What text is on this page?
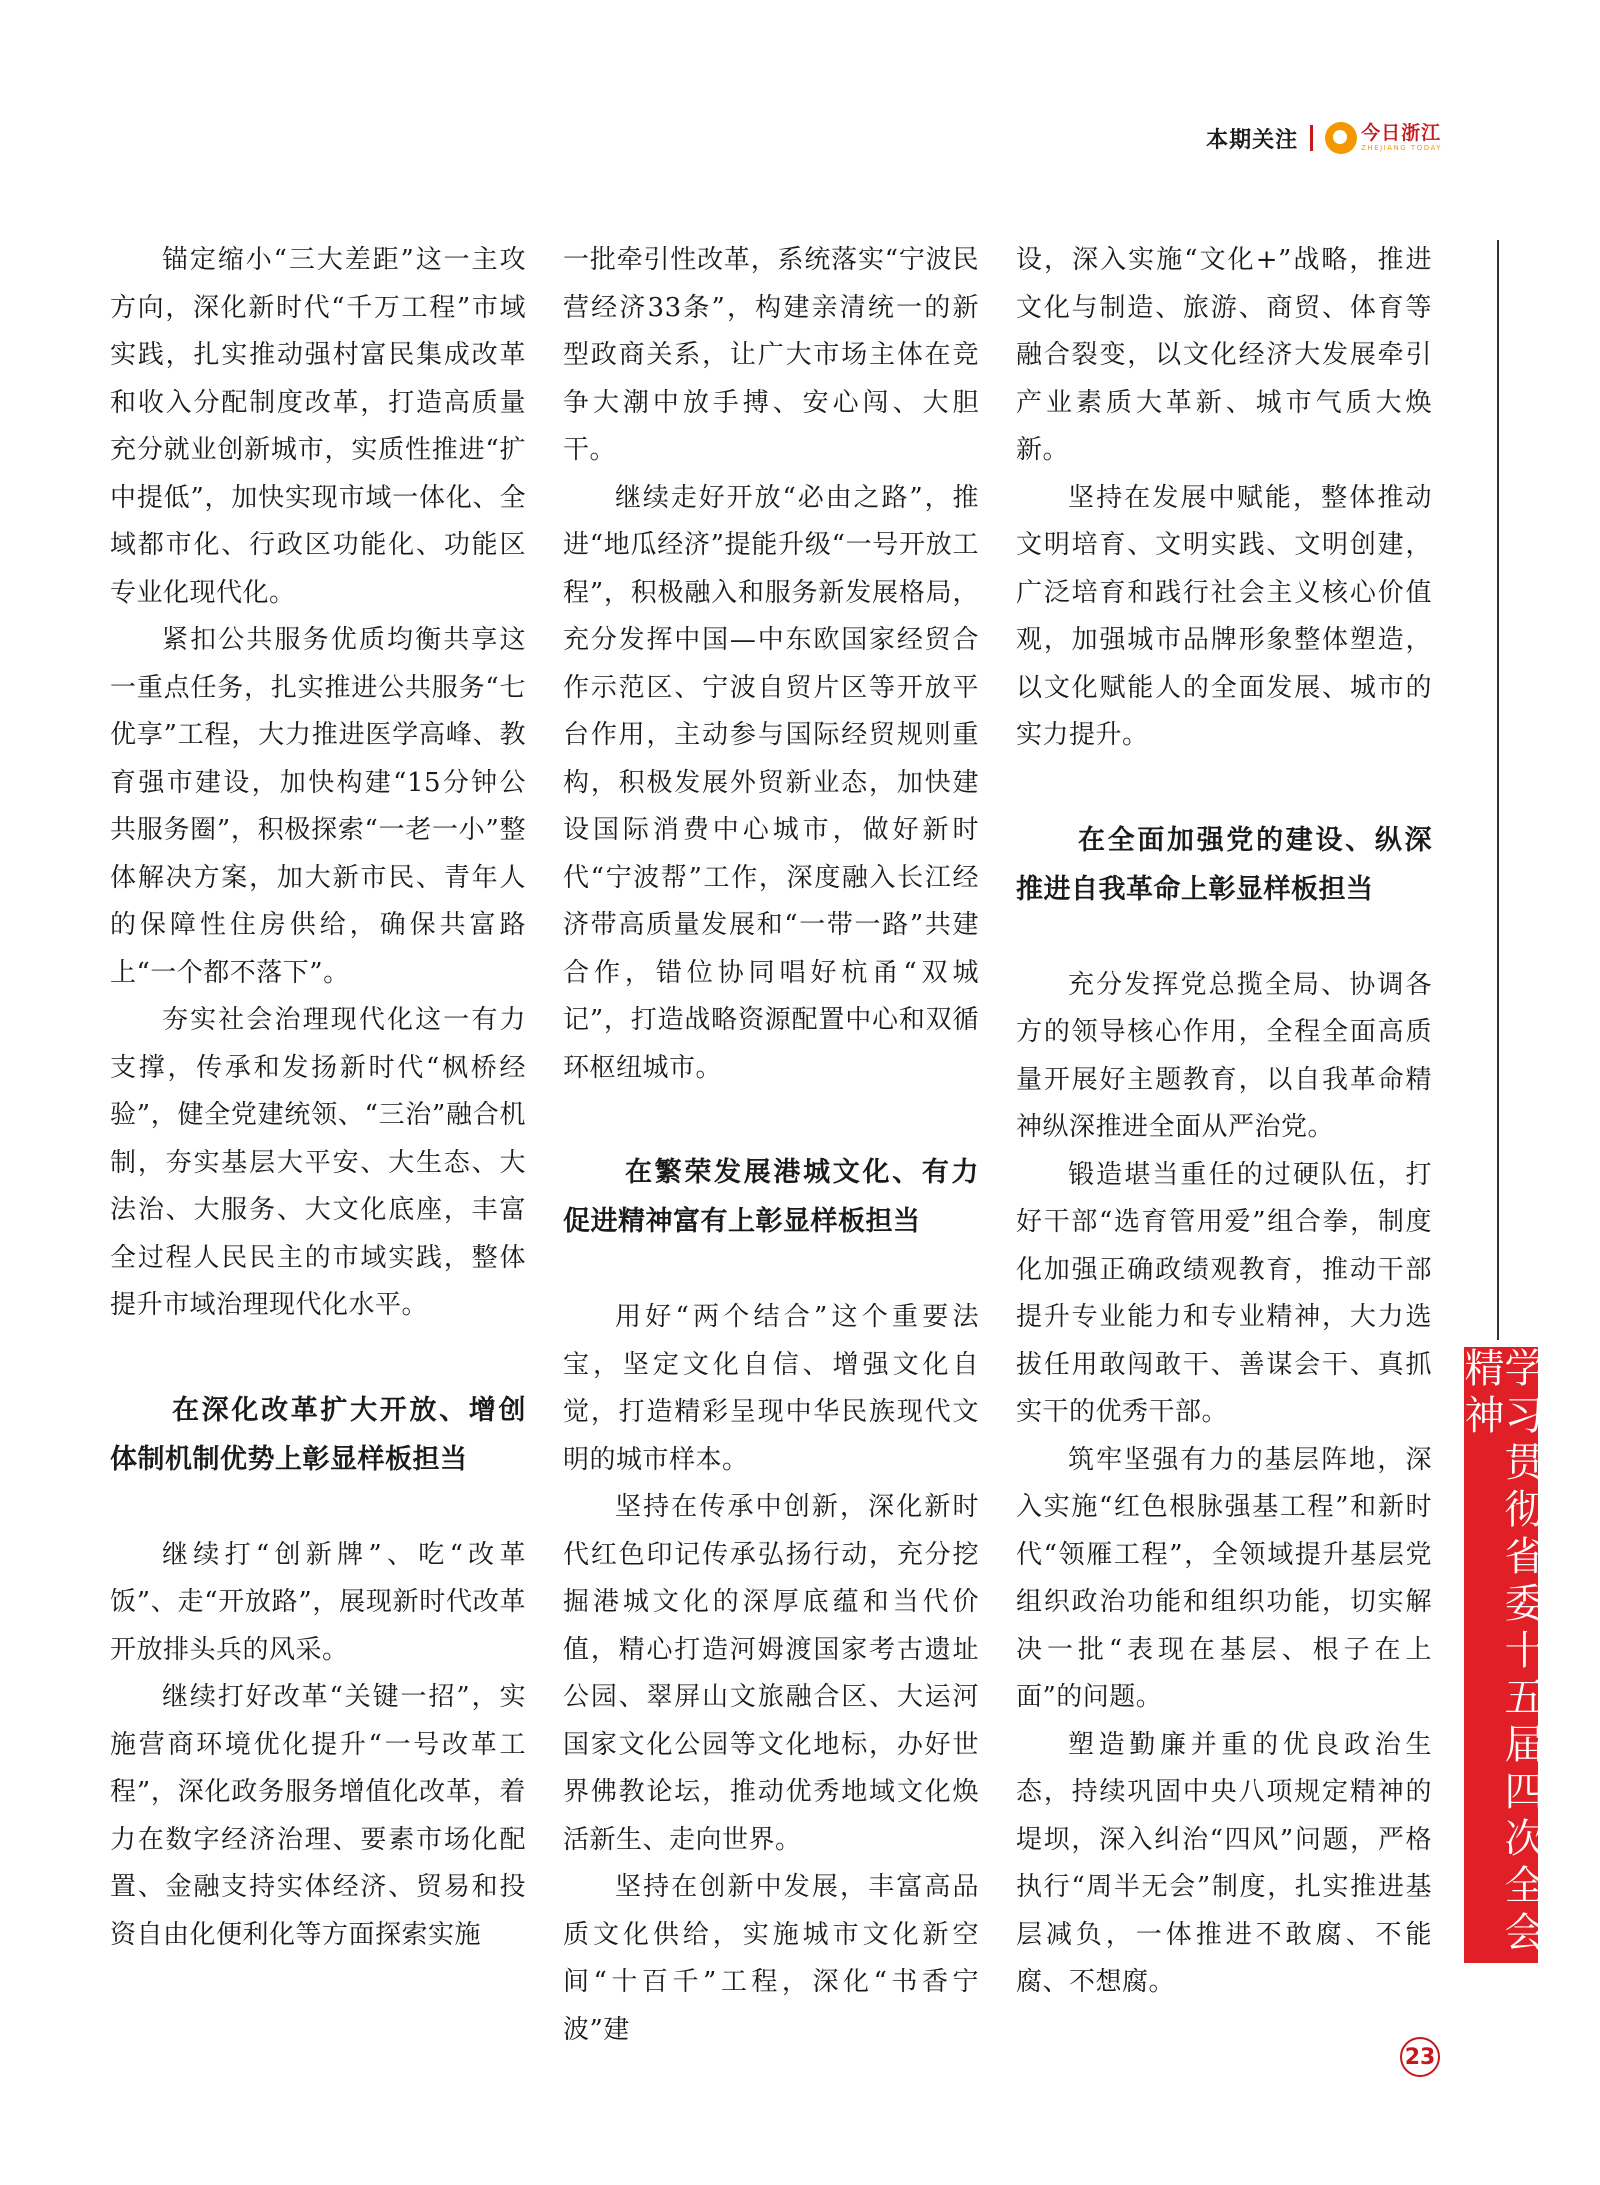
本期关注	今日浙江
ZHEJIANG TODAY

锚定缩小“三大差距”这一主攻方向，深化新时代“千万工程”市域实践，扎实推动强村富民集成改革和收入分配制度改革，打造高质量充分就业创新城市，实质性推进“扩中提低”，加快实现市域一体化、全域都市化、行政区功能化、功能区专业化现代化。

紧扣公共服务优质均衡共享这一重点任务，扎实推进公共服务“七优享”工程，大力推进医学高峰、教育强市建设，加快构建“15分钟公共服务圈”，积极探索“一老一小”整体解决方案，加大新市民、青年人的保障性住房供给，确保共富路上“一个都不落下”。

夯实社会治理现代化这一有力支撑，传承和发扬新时代“枫桥经验”，健全党建统领、“三治”融合机制，夯实基层大平安、大生态、大法治、大服务、大文化底座，丰富全过程人民民主的市域实践，整体提升市域治理现代化水平。

在深化改革扩大开放、增创体制机制优势上彰显样板担当

继续打“创新牌”、吃“改革饭”、走“开放路”，展现新时代改革开放排头兵的风采。

继续打好改革“关键一招”，实施营商环境优化提升“一号改革工程”，深化政务服务增值化改革，着力在数字经济治理、要素市场化配置、金融支持实体经济、贸易和投资自由化便利化等方面探索实施

一批牵引性改革，系统落实“宁波民营经济33条”，构建亲清统一的新型政商关系，让广大市场主体在竞争大潮中放手搏、安心闯、大胆干。

继续走好开放“必由之路”，推进“地瓜经济”提能升级“一号开放工程”，积极融入和服务新发展格局，充分发挥中国—中东欧国家经贸合作示范区、宁波自贸片区等开放平台作用，主动参与国际经贸规则重构，积极发展外贸新业态，加快建设国际消费中心城市，做好新时代“宁波帮”工作，深度融入长江经济带高质量发展和“一带一路”共建合作，错位协同唱好杭甬“双城记”，打造战略资源配置中心和双循环枢纽城市。

在繁荣发展港城文化、有力促进精神富有上彰显样板担当

用好“两个结合”这个重要法宝，坚定文化自信、增强文化自觉，打造精彩呈现中华民族现代文明的城市样本。

坚持在传承中创新，深化新时代红色印记传承弘扬行动，充分挖掘港城文化的深厚底蕴和当代价值，精心打造河姆渡国家考古遗址公园、翠屏山文旅融合区、大运河国家文化公园等文化地标，办好世界佛教论坛，推动优秀地域文化焕活新生、走向世界。

坚持在创新中发展，丰富高品质文化供给，实施城市文化新空间“十百千”工程，深化“书香宁波”建

设，深入实施“文化+”战略，推进文化与制造、旅游、商贸、体育等融合裂变，以文化经济大发展牵引产业素质大革新、城市气质大焕新。

坚持在发展中赋能，整体推动文明培育、文明实践、文明创建，广泛培育和践行社会主义核心价值观，加强城市品牌形象整体塑造，以文化赋能人的全面发展、城市的实力提升。

在全面加强党的建设、纵深推进自我革命上彰显样板担当

充分发挥党总揽全局、协调各方的领导核心作用，全程全面高质量开展好主题教育，以自我革命精神纵深推进全面从严治党。

锻造堪当重任的过硬队伍，打好干部“选育管用爱”组合拳，制度化加强正确政绩观教育，推动干部提升专业能力和专业精神，大力选拔任用敢闯敢干、善谋会干、真抓实干的优秀干部。

筑牢坚强有力的基层阵地，深入实施“红色根脉强基工程”和新时代“领雁工程”，全领域提升基层党组织政治功能和组织功能，切实解决一批“表现在基层、根子在上面”的问题。

塑造勤廉并重的优良政治生态，持续巩固中央八项规定精神的堤坝，深入纠治“四风”问题，严格执行“周半无会”制度，扎实推进基层减负，一体推进不敢腐、不能腐、不想腐。

学习贯彻省委十五届四次全会精神
23
